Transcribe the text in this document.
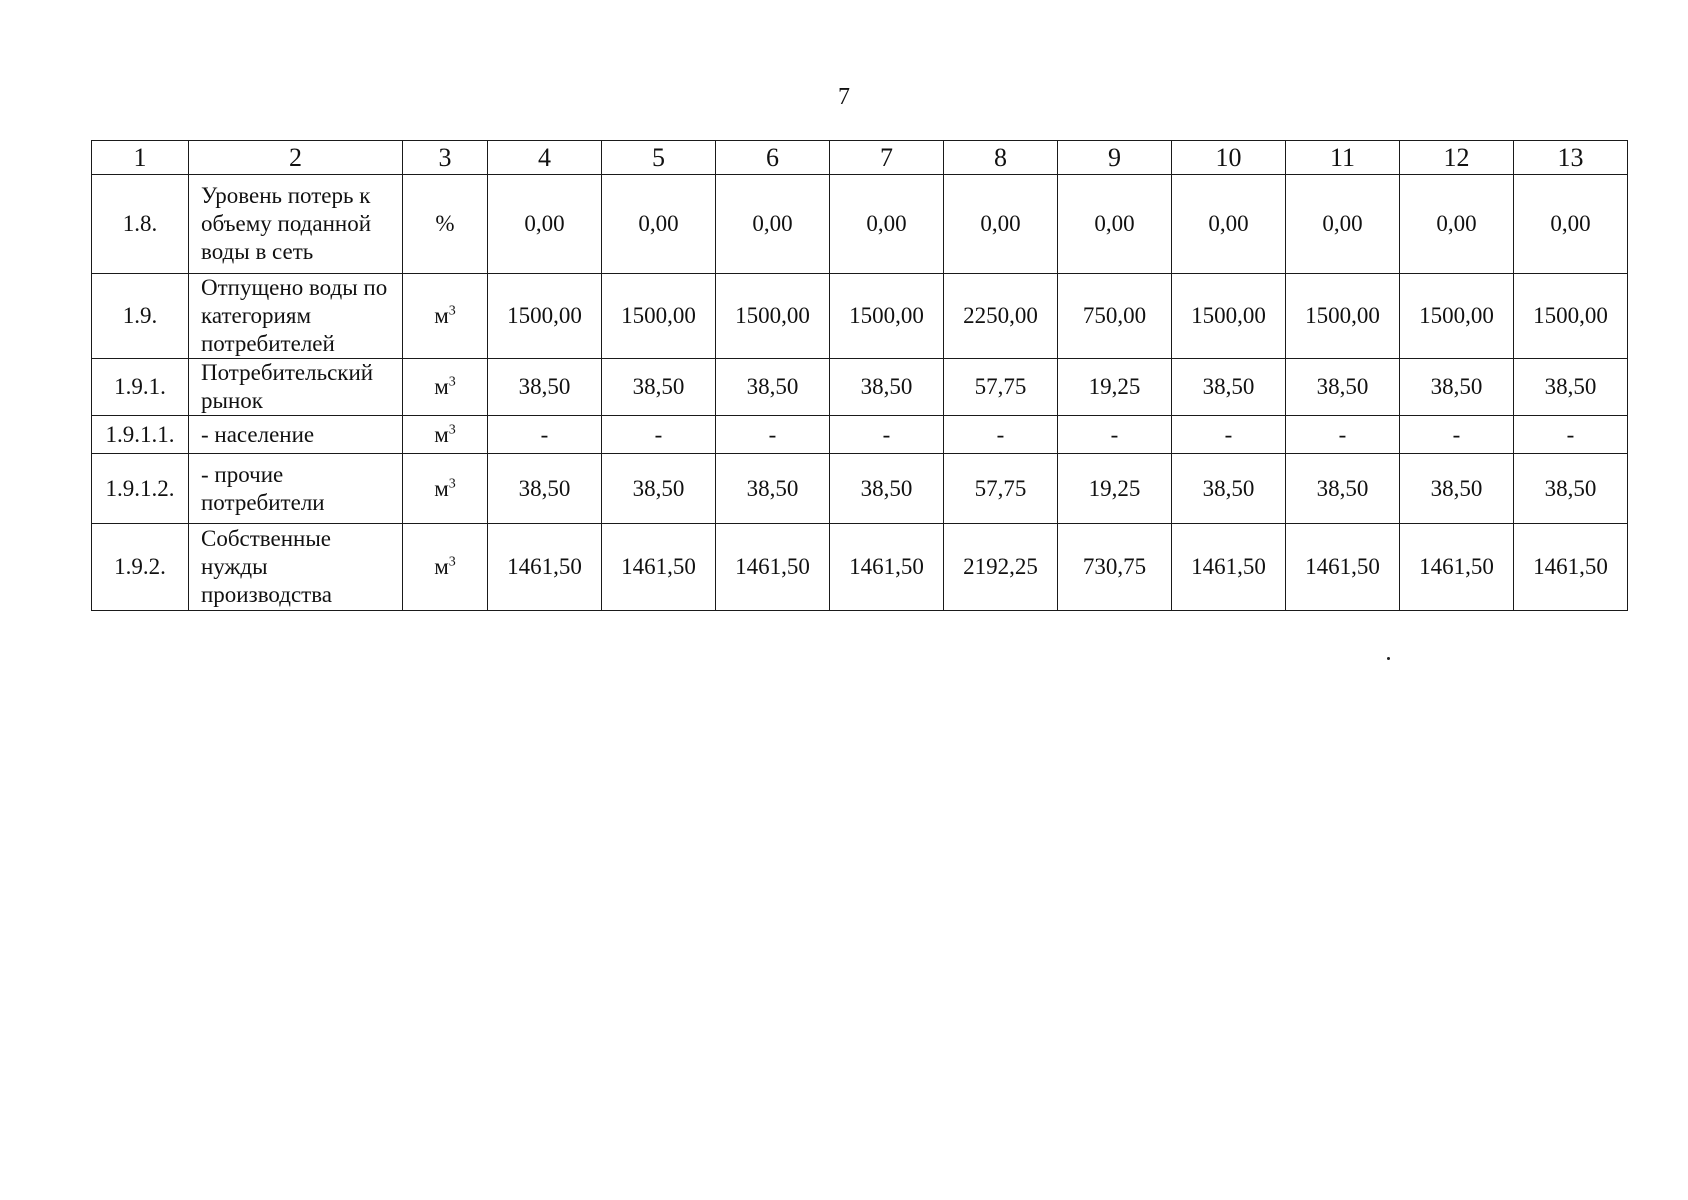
7
1	2	3	4	5	6	7	8	9	10	11	12	13
1.8.	Уровень потерь к объему поданной воды в сеть	%	0,00	0,00	0,00	0,00	0,00	0,00	0,00	0,00	0,00	0,00
1.9.	Отпущено воды по категориям потребителей	$м^3$	1500,00	1500,00	1500,00	1500,00	2250,00	750,00	1500,00	1500,00	1500,00	1500,00
1.9.1.	Потребительский рынок	$м^3$	38,50	38,50	38,50	38,50	57,75	19,25	38,50	38,50	38,50	38,50
1.9.1.1.	- население	$м^3$	-	-	-	-	-	-	-	-	-	-
1.9.1.2.	- прочие потребители	$м^3$	38,50	38,50	38,50	38,50	57,75	19,25	38,50	38,50	38,50	38,50
1.9.2.	Собственные нужды производства	$м^3$	1461,50	1461,50	1461,50	1461,50	2192,25	730,75	1461,50	1461,50	1461,50	1461,50
